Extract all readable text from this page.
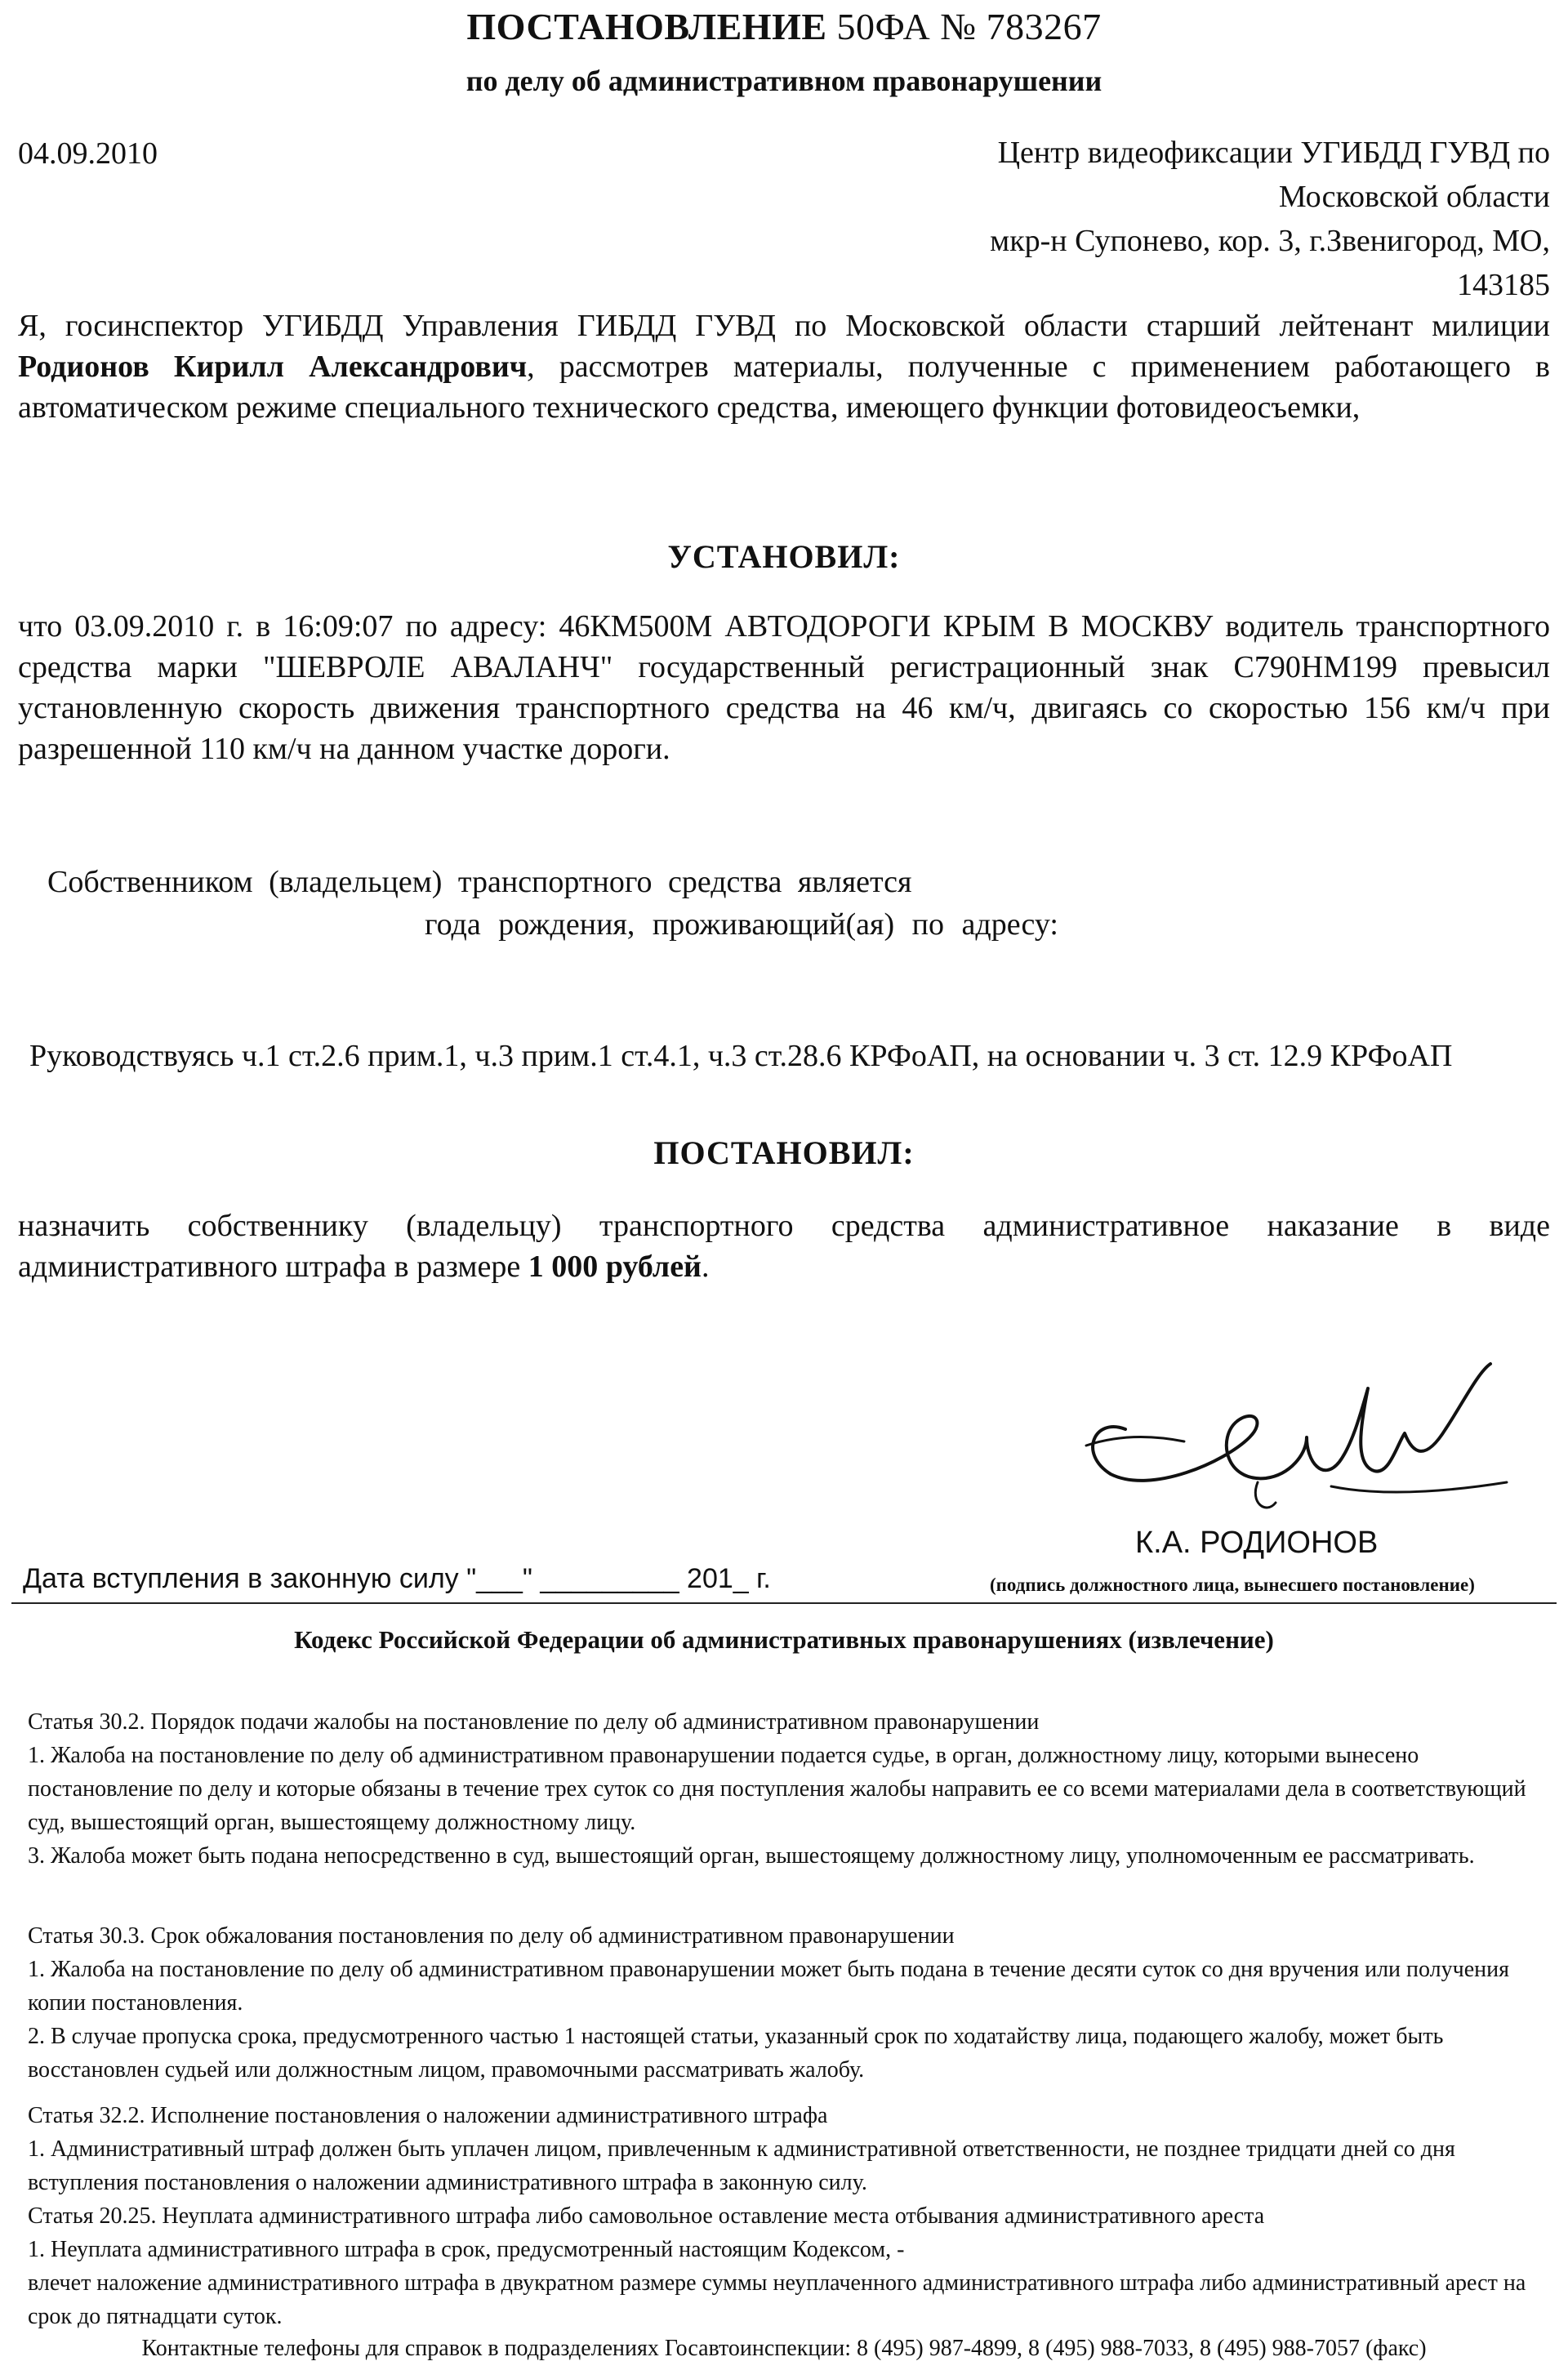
ПОСТАНОВЛЕНИЕ 50ФА № 783267
по делу об административном правонарушении
04.09.2010	Центр видеофиксации УГИБДД ГУВД по
Московской области
мкр-н Супонево, кор. 3, г.Звенигород, МО,
143185
Я, госинспектор УГИБДД Управления ГИБДД ГУВД по Московской области старший лейтенант милиции Родионов Кирилл Александрович, рассмотрев материалы, полученные с применением работающего в автоматическом режиме специального технического средства, имеющего функции фотовидеосъемки,
УСТАНОВИЛ:
что 03.09.2010 г. в 16:09:07 по адресу: 46КМ500М АВТОДОРОГИ КРЫМ В МОСКВУ водитель транспортного средства марки "ШЕВРОЛЕ АВАЛАНЧ" государственный регистрационный знак С790НМ199 превысил установленную скорость движения транспортного средства на 46 км/ч, двигаясь со скоростью 156 км/ч при разрешенной 110 км/ч на данном участке дороги.
Собственником (владельцем) транспортного средства является
года рождения, проживающий(ая) по адресу:
Руководствуясь ч.1 ст.2.6 прим.1, ч.3 прим.1 ст.4.1, ч.3 ст.28.6 КРФоАП, на основании ч. 3 ст. 12.9 КРФоАП
ПОСТАНОВИЛ:
назначить собственнику (владельцу) транспортного средства административное наказание в виде административного штрафа в размере 1 000 рублей.
К.А. РОДИОНОВ
Дата вступления в законную силу "___" _________ 201_ г.	(подпись должностного лица, вынесшего постановление)
Кодекс Российской Федерации об административных правонарушениях (извлечение)

Статья 30.2. Порядок подачи жалобы на постановление по делу об административном правонарушении

1. Жалоба на постановление по делу об административном правонарушении подается судье, в орган, должностному лицу, которыми вынесено постановление по делу и которые обязаны в течение трех суток со дня поступления жалобы направить ее со всеми материалами дела в соответствующий суд, вышестоящий орган, вышестоящему должностному лицу.

3. Жалоба может быть подана непосредственно в суд, вышестоящий орган, вышестоящему должностному лицу, уполномоченным ее рассматривать.

Статья 30.3. Срок обжалования постановления по делу об административном правонарушении

1. Жалоба на постановление по делу об административном правонарушении может быть подана в течение десяти суток со дня вручения или получения копии постановления.

2. В случае пропуска срока, предусмотренного частью 1 настоящей статьи, указанный срок по ходатайству лица, подающего жалобу, может быть восстановлен судьей или должностным лицом, правомочными рассматривать жалобу.

Статья 32.2. Исполнение постановления о наложении административного штрафа

1. Административный штраф должен быть уплачен лицом, привлеченным к административной ответственности, не позднее тридцати дней со дня вступления постановления о наложении административного штрафа в законную силу.

Статья 20.25. Неуплата административного штрафа либо самовольное оставление места отбывания административного ареста

1. Неуплата административного штрафа в срок, предусмотренный настоящим Кодексом, -

влечет наложение административного штрафа в двукратном размере суммы неуплаченного административного штрафа либо административный арест на срок до пятнадцати суток.

Контактные телефоны для справок в подразделениях Госавтоинспекции: 8 (495) 987-4899, 8 (495) 988-7033, 8 (495) 988-7057 (факс)
